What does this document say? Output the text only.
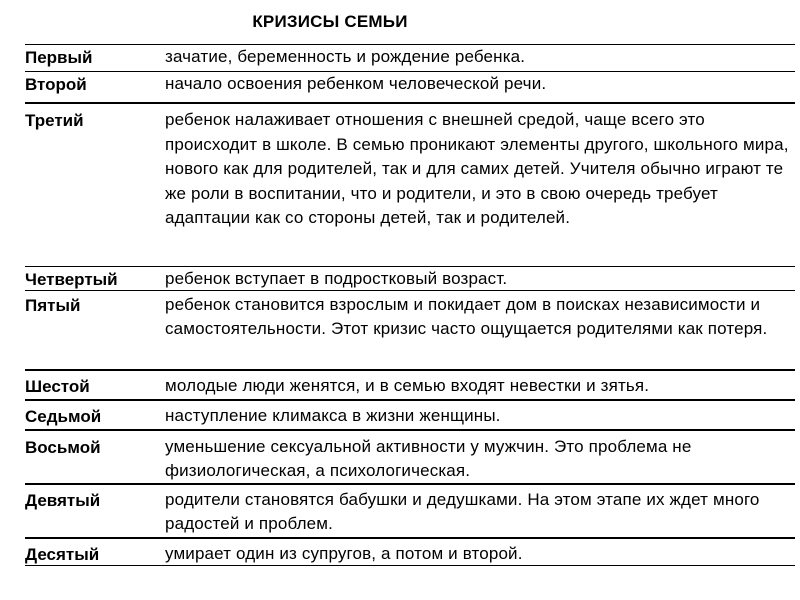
КРИЗИСЫ СЕМЬИ
Первый	зачатие, беременность и рождение ребенка.
Второй	начало освоения ребенком человеческой речи.
Третий	ребенок налаживает отношения с внешней средой, чаще всего это происходит в школе. В семью проникают элементы другого, школьного мира, нового как для родителей, так и для самих детей. Учителя обычно играют те же роли в воспитании, что и родители, и это в свою очередь требует адаптации как со стороны детей, так и родителей.
Четвертый	ребенок вступает в подростковый возраст.
Пятый	ребенок становится взрослым и покидает дом в поисках независимости и самостоятельности. Этот кризис часто ощущается родителями как потеря.
Шестой	молодые люди женятся, и в семью входят невестки и зятья.
Седьмой	наступление климакса в жизни женщины.
Восьмой	уменьшение сексуальной активности у мужчин. Это проблема не физиологическая, а психологическая.
Девятый	родители становятся бабушки и дедушками. На этом этапе их ждет много радостей и проблем.
Десятый	умирает один из супругов, а потом и второй.
